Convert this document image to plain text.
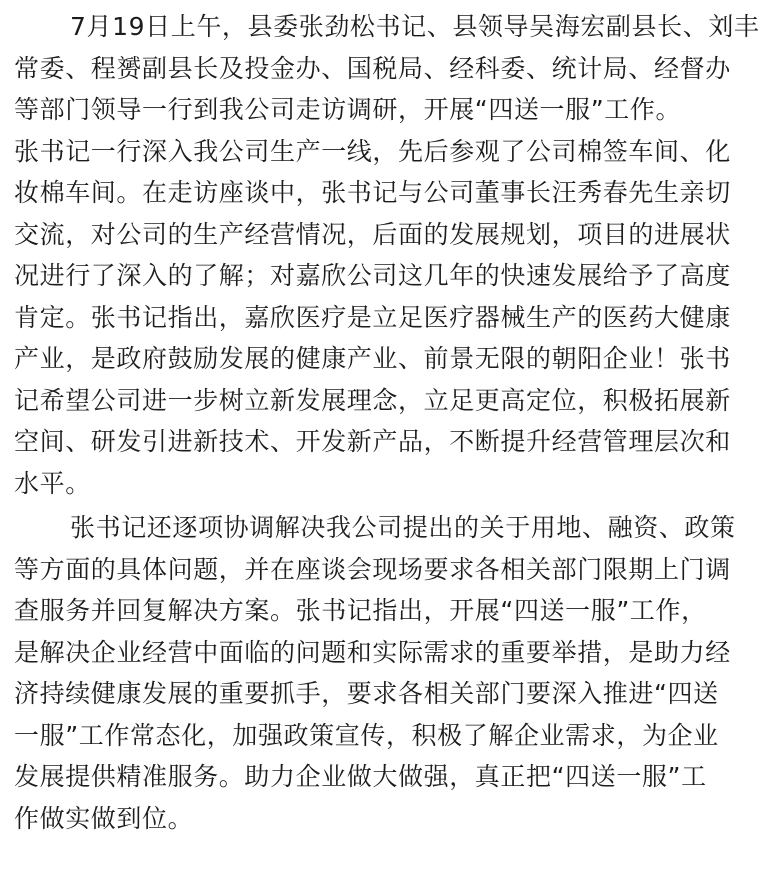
7月19日上午，县委张劲松书记、县领导吴海宏副县长、刘丰
常委、程赟副县长及投金办、国税局、经科委、统计局、经督办
等部门领导一行到我公司走访调研，开展“四送一服”工作。
张书记一行深入我公司生产一线，先后参观了公司棉签车间、化
妆棉车间。在走访座谈中，张书记与公司董事长汪秀春先生亲切
交流，对公司的生产经营情况，后面的发展规划，项目的进展状
况进行了深入的了解；对嘉欣公司这几年的快速发展给予了高度
肯定。张书记指出，嘉欣医疗是立足医疗器械生产的医药大健康
产业，是政府鼓励发展的健康产业、前景无限的朝阳企业！张书
记希望公司进一步树立新发展理念，立足更高定位，积极拓展新
空间、研发引进新技术、开发新产品，不断提升经营管理层次和
水平。
张书记还逐项协调解决我公司提出的关于用地、融资、政策
等方面的具体问题，并在座谈会现场要求各相关部门限期上门调
查服务并回复解决方案。张书记指出，开展“四送一服”工作，
是解决企业经营中面临的问题和实际需求的重要举措，是助力经
济持续健康发展的重要抓手，要求各相关部门要深入推进“四送
一服”工作常态化，加强政策宣传，积极了解企业需求，为企业
发展提供精准服务。助力企业做大做强，真正把“四送一服”工
作做实做到位。
